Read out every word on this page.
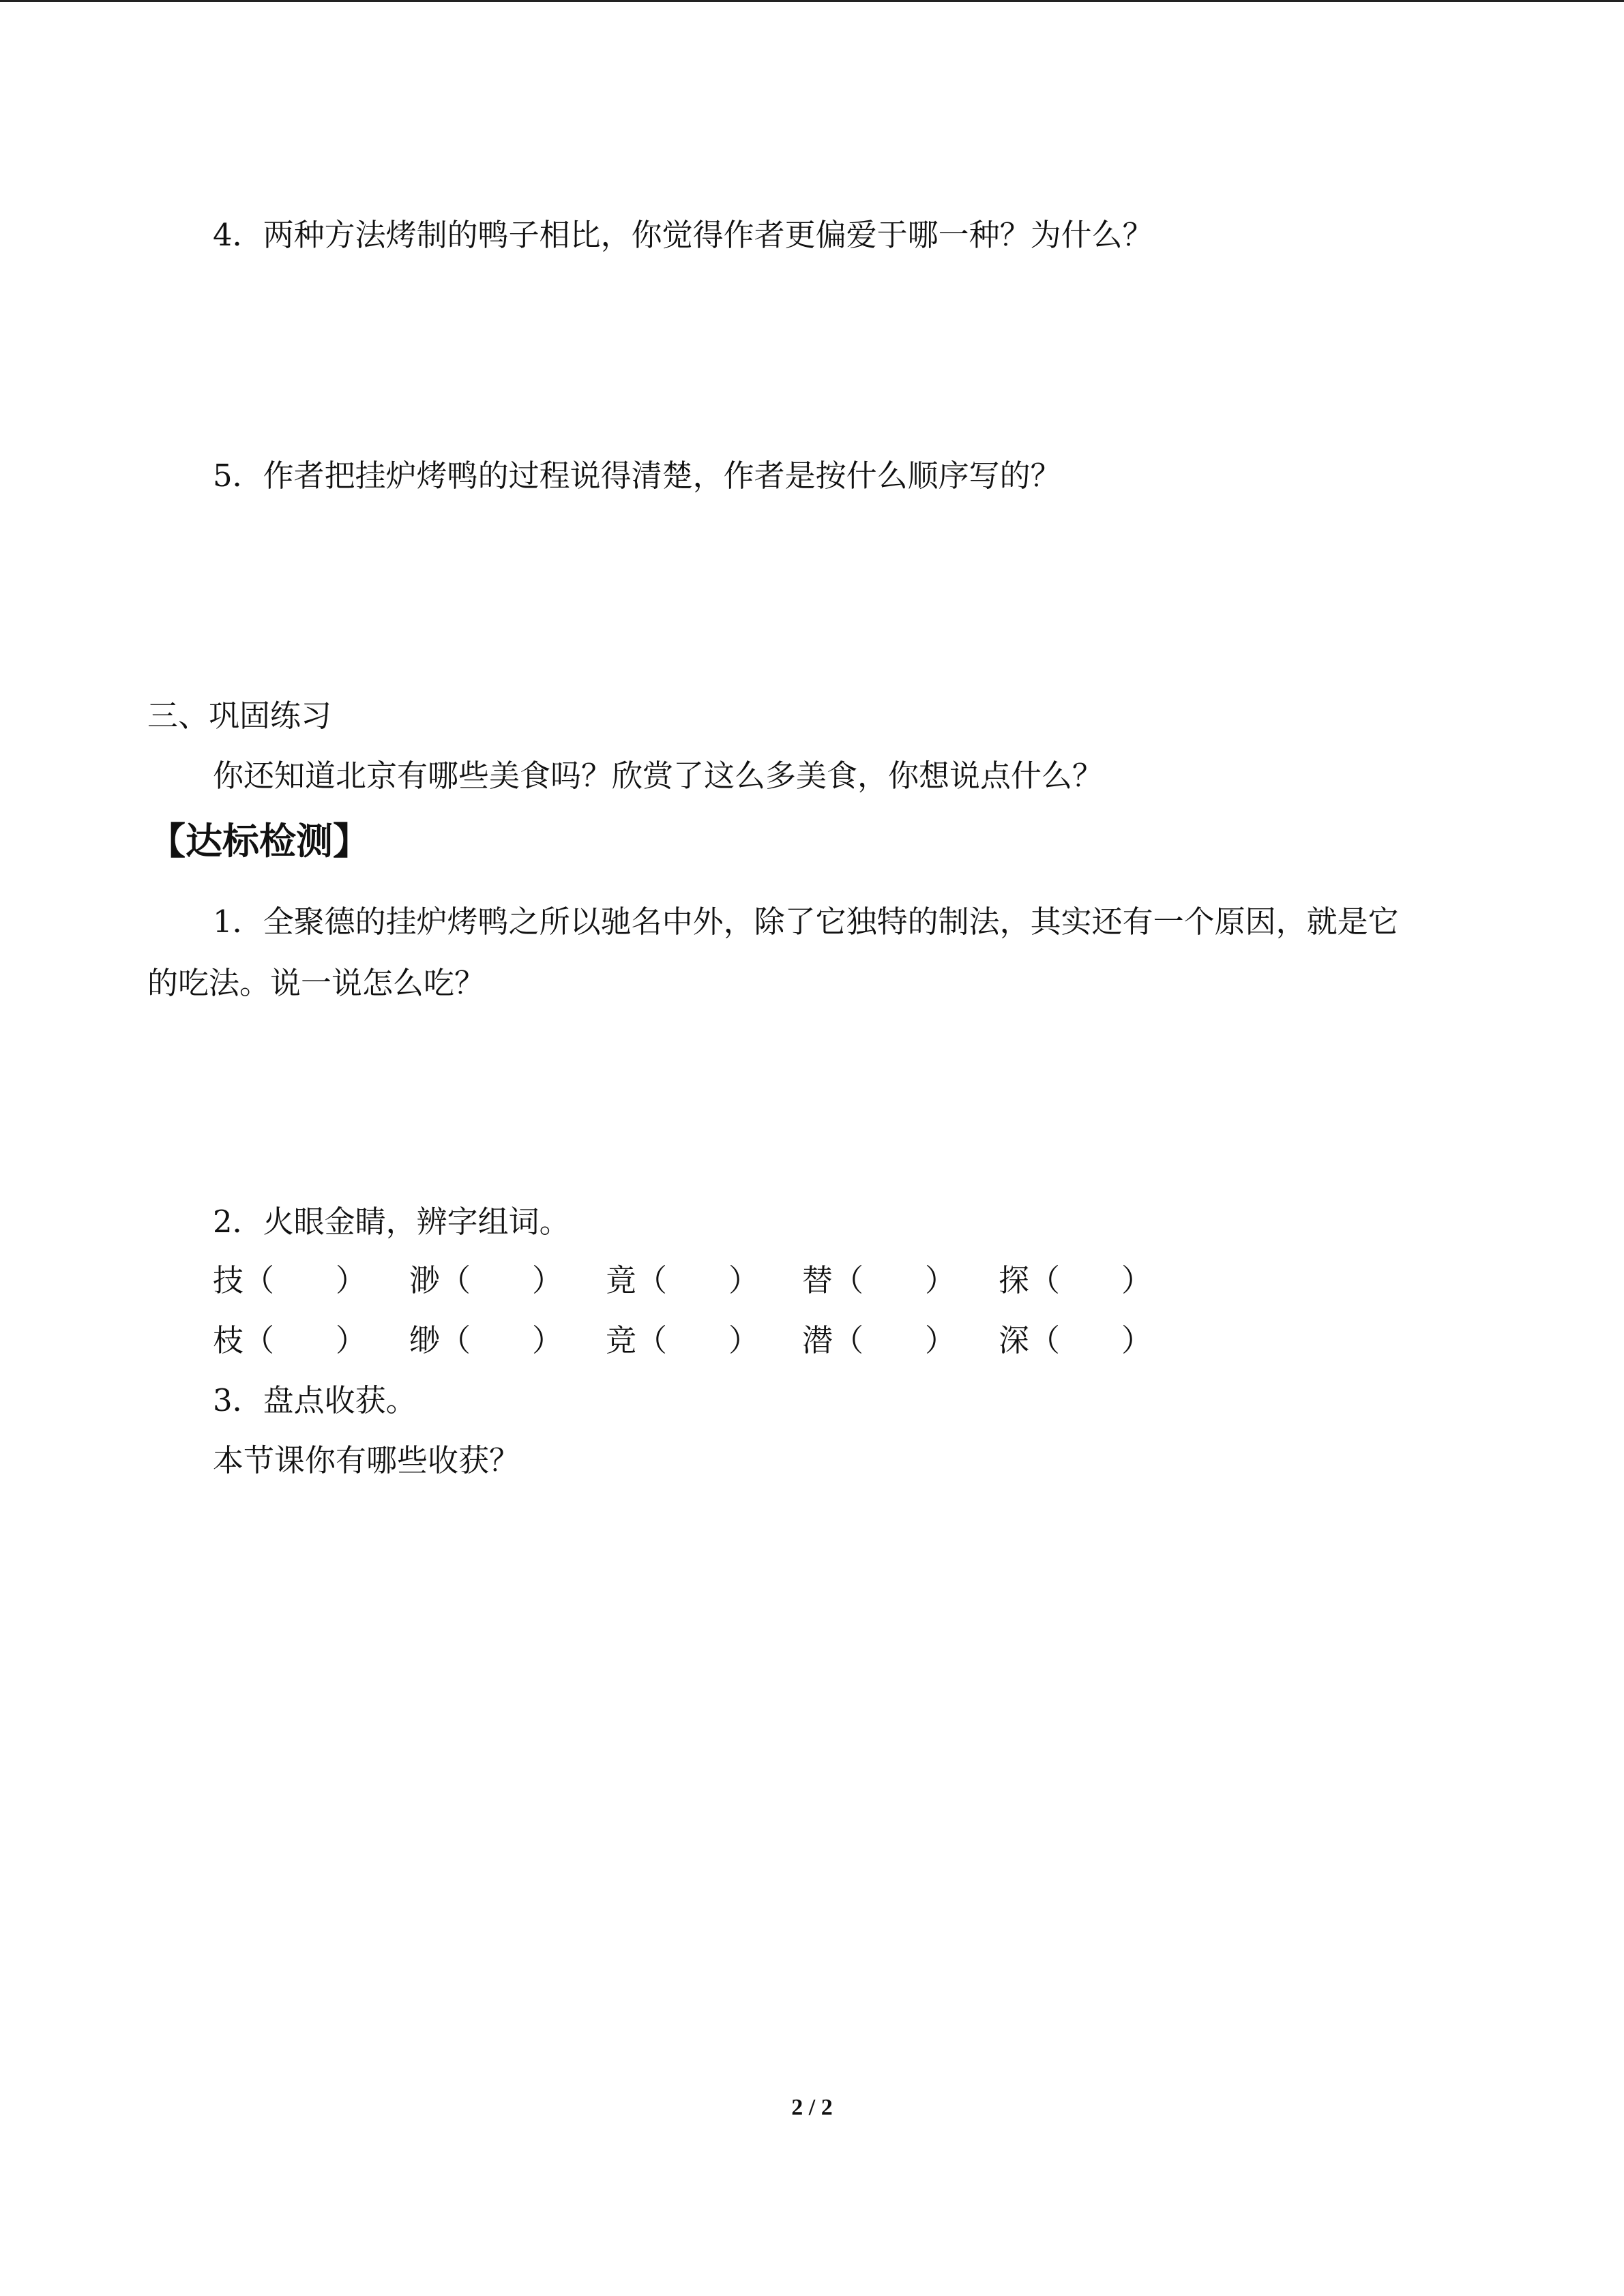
4．两种方法烤制的鸭子相比，你觉得作者更偏爱于哪一种？为什么？
5．作者把挂炉烤鸭的过程说得清楚，作者是按什么顺序写的？
三、巩固练习
你还知道北京有哪些美食吗？欣赏了这么多美食，你想说点什么？
【达标检测】
1．全聚德的挂炉烤鸭之所以驰名中外，除了它独特的制法，其实还有一个原因，就是它
的吃法。说一说怎么吃？
2．火眼金睛，辨字组词。
技（　　） 渺（　　） 竟（　　） 替（　　） 探（　　）
枝（　　） 缈（　　） 竞（　　） 潜（　　） 深（　　）
3．盘点收获。
本节课你有哪些收获？
2 / 2
